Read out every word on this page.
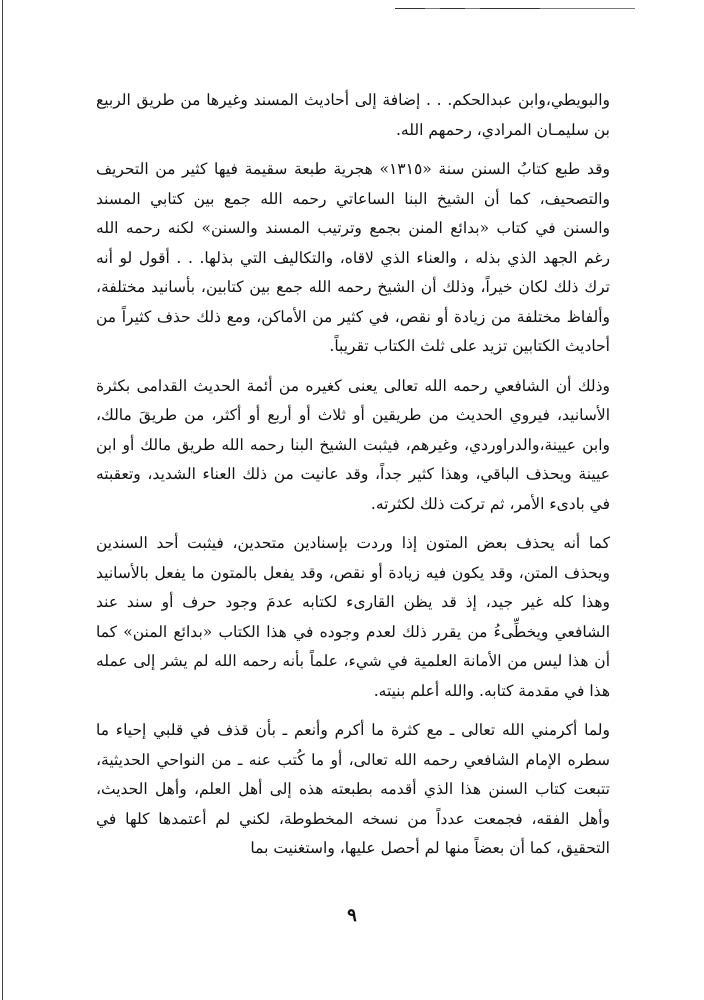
والبويطي،وابن عبدالحكم. . . إضافة إلى أحاديث المسند وغيرها من طريق الربيع بن سليمـان المرادي، رحمهم الله.

وقد طبع كتابُ السنن سنة «١٣١٥» هجرية طبعة سقيمة فيها كثير من التحريف والتصحيف، كما أن الشيخ البنا الساعاتي رحمه الله جمع بين كتابي المسند والسنن في كتاب «بدائع المنن بجمع وترتيب المسند والسنن» لكنه رحمه الله رغم الجهد الذي بذله ، والعناء الذي لاقاه، والتكاليف التي بذلها. . . أقول لو أنه ترك ذلك لكان خيراً، وذلك أن الشيخ رحمه الله جمع بين كتابين، بأسانيد مختلفة، وألفاظ مختلفة من زيادة أو نقص، في كثير من الأماكن، ومع ذلك حذف كثيراً من أحاديث الكتابين تزيد على ثلث الكتاب تقريباً.

وذلك أن الشافعي رحمه الله تعالى يعنى كغيره من أئمة الحديث القدامى بكثرة الأسانيد، فيروي الحديث من طريقين أو ثلاث أو أربع أو أكثر، من طريقَ مالك، وابن عيينة،والدراوردي، وغيرهم، فيثبت الشيخ البنا رحمه الله طريق مالك أو ابن عيينة ويحذف الباقي، وهذا كثير جداً، وقد عانيت من ذلك العناء الشديد، وتعقبته في بادىء الأمر، ثم تركت ذلك لكثرته.

كما أنه يحذف بعض المتون إذا وردت بإسنادين متحدين، فيثبت أحد السندين ويحذف المتن، وقد يكون فيه زيادة أو نقص، وقد يفعل بالمتون ما يفعل بالأسانيد وهذا كله غير جيد، إذ قد يظن القارىء لكتابه عدمَ وجود حرف أو سند عند الشافعي ويخطِّىءُ من يقرر ذلك لعدم وجوده في هذا الكتاب «بدائع المنن» كما أن هذا ليس من الأمانة العلمية في شيء، علماً بأنه رحمه الله لم يشر إلى عمله هذا في مقدمة كتابه. والله أعلم بنيته.

ولما أكرمني الله تعالى ـ مع كثرة ما أكرم وأنعم ـ بأن قذف في قلبي إحياء ما سطره الإمام الشافعي رحمه الله تعالى، أو ما كُتب عنه ـ من النواحي الحديثية، تتبعت كتاب السنن هذا الذي أقدمه بطبعته هذه إلى أهل العلم، وأهل الحديث، وأهل الفقه، فجمعت عدداً من نسخه المخطوطة، لكني لم أعتمدها كلها في التحقيق، كما أن بعضاً منها لم أحصل عليها، واستغنيت بما

٩
